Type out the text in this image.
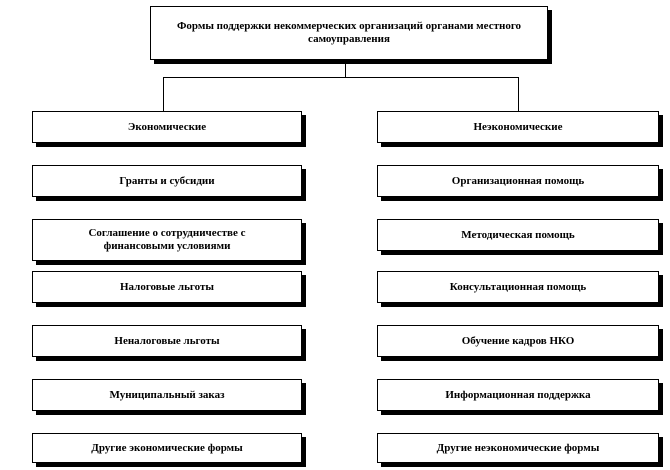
Формы поддержки некоммерческих организаций органами местного самоуправления
Экономические
Гранты и субсидии
Соглашение о сотрудничестве с финансовыми условиями
Налоговые льготы
Неналоговые льготы
Муниципальный заказ
Другие экономические формы
Неэкономические
Организационная помощь
Методическая помощь
Консультационная помощь
Обучение кадров НКО
Информационная поддержка
Другие неэкономические формы
